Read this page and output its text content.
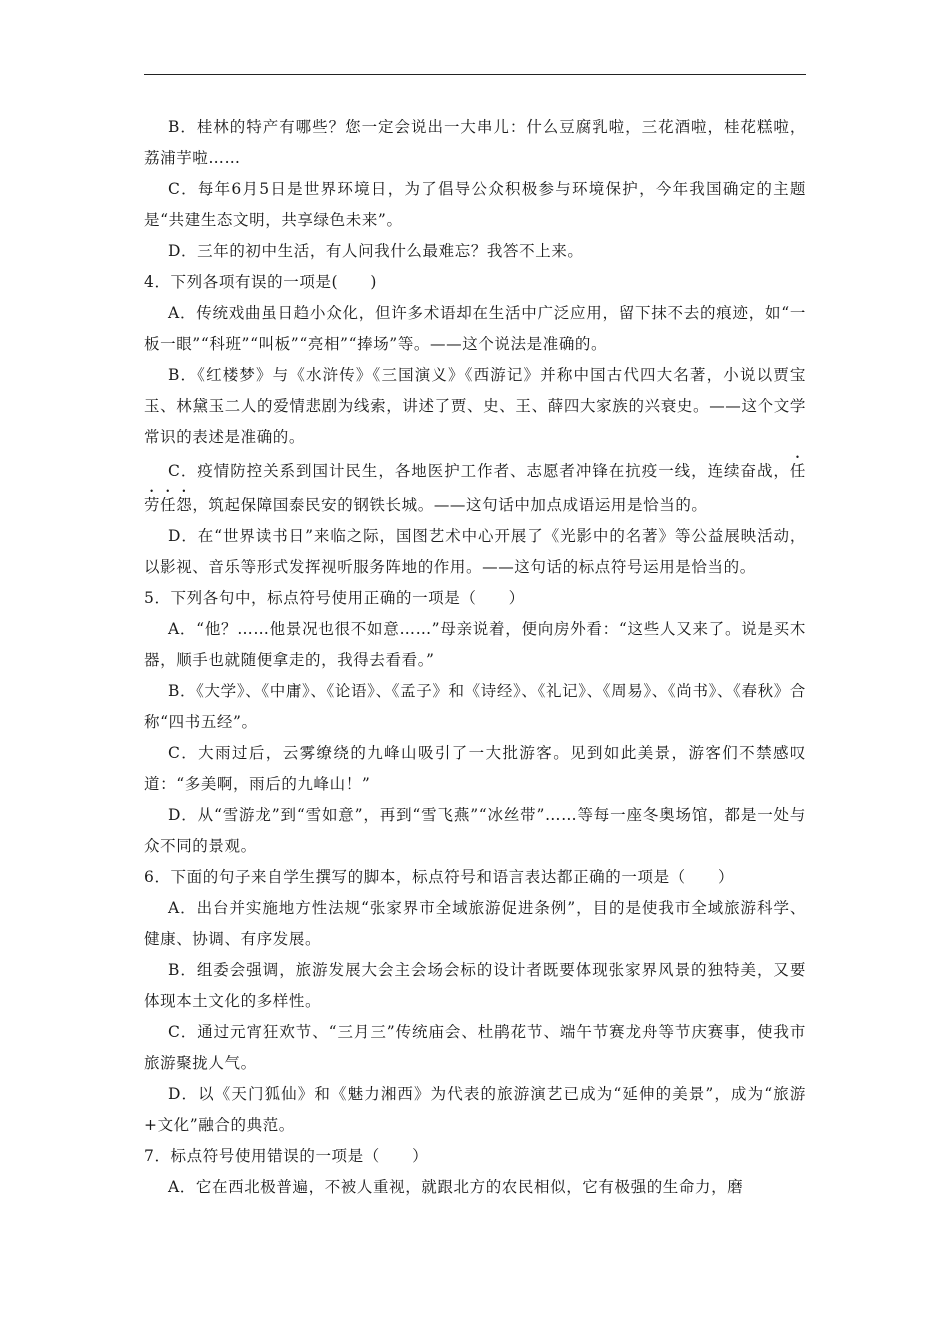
B．桂林的特产有哪些？您一定会说出一大串儿：什么豆腐乳啦，三花酒啦，桂花糕啦，荔浦芋啦……

C．每年6月5日是世界环境日，为了倡导公众积极参与环境保护，今年我国确定的主题是“共建生态文明，共享绿色未来”。

D．三年的初中生活，有人问我什么最难忘？我答不上来。

4．下列各项有误的一项是(　　)

A．传统戏曲虽日趋小众化，但许多术语却在生活中广泛应用，留下抹不去的痕迹，如“一板一眼”“科班”“叫板”“亮相”“捧场”等。——这个说法是准确的。

B．《红楼梦》与《水浒传》《三国演义》《西游记》并称中国古代四大名著，小说以贾宝玉、林黛玉二人的爱情悲剧为线索，讲述了贾、史、王、薛四大家族的兴衰史。——这个文学常识的表述是准确的。

C．疫情防控关系到国计民生，各地医护工作者、志愿者冲锋在抗疫一线，连续奋战，任劳任怨，筑起保障国泰民安的钢铁长城。——这句话中加点成语运用是恰当的。

D．在“世界读书日”来临之际，国图艺术中心开展了《光影中的名著》等公益展映活动，以影视、音乐等形式发挥视听服务阵地的作用。——这句话的标点符号运用是恰当的。

5．下列各句中，标点符号使用正确的一项是（　　）

A．“他？……他景况也很不如意……”母亲说着，便向房外看：“这些人又来了。说是买木器，顺手也就随便拿走的，我得去看看。”

B．《大学》、《中庸》、《论语》、《孟子》和《诗经》、《礼记》、《周易》、《尚书》、《春秋》合称“四书五经”。

C．大雨过后，云雾缭绕的九峰山吸引了一大批游客。见到如此美景，游客们不禁感叹道：“多美啊，雨后的九峰山！”

D．从“雪游龙”到“雪如意”，再到“雪飞燕”“冰丝带”……等每一座冬奥场馆，都是一处与众不同的景观。

6．下面的句子来自学生撰写的脚本，标点符号和语言表达都正确的一项是（　　）

A．出台并实施地方性法规“张家界市全域旅游促进条例”，目的是使我市全域旅游科学、健康、协调、有序发展。

B．组委会强调，旅游发展大会主会场会标的设计者既要体现张家界风景的独特美，又要体现本土文化的多样性。

C．通过元宵狂欢节、“三月三”传统庙会、杜鹃花节、端午节赛龙舟等节庆赛事，使我市旅游聚拢人气。

D．以《天门狐仙》和《魅力湘西》为代表的旅游演艺已成为“延伸的美景”，成为“旅游+文化”融合的典范。

7．标点符号使用错误的一项是（　　）

A．它在西北极普遍，不被人重视，就跟北方的农民相似，它有极强的生命力，磨
